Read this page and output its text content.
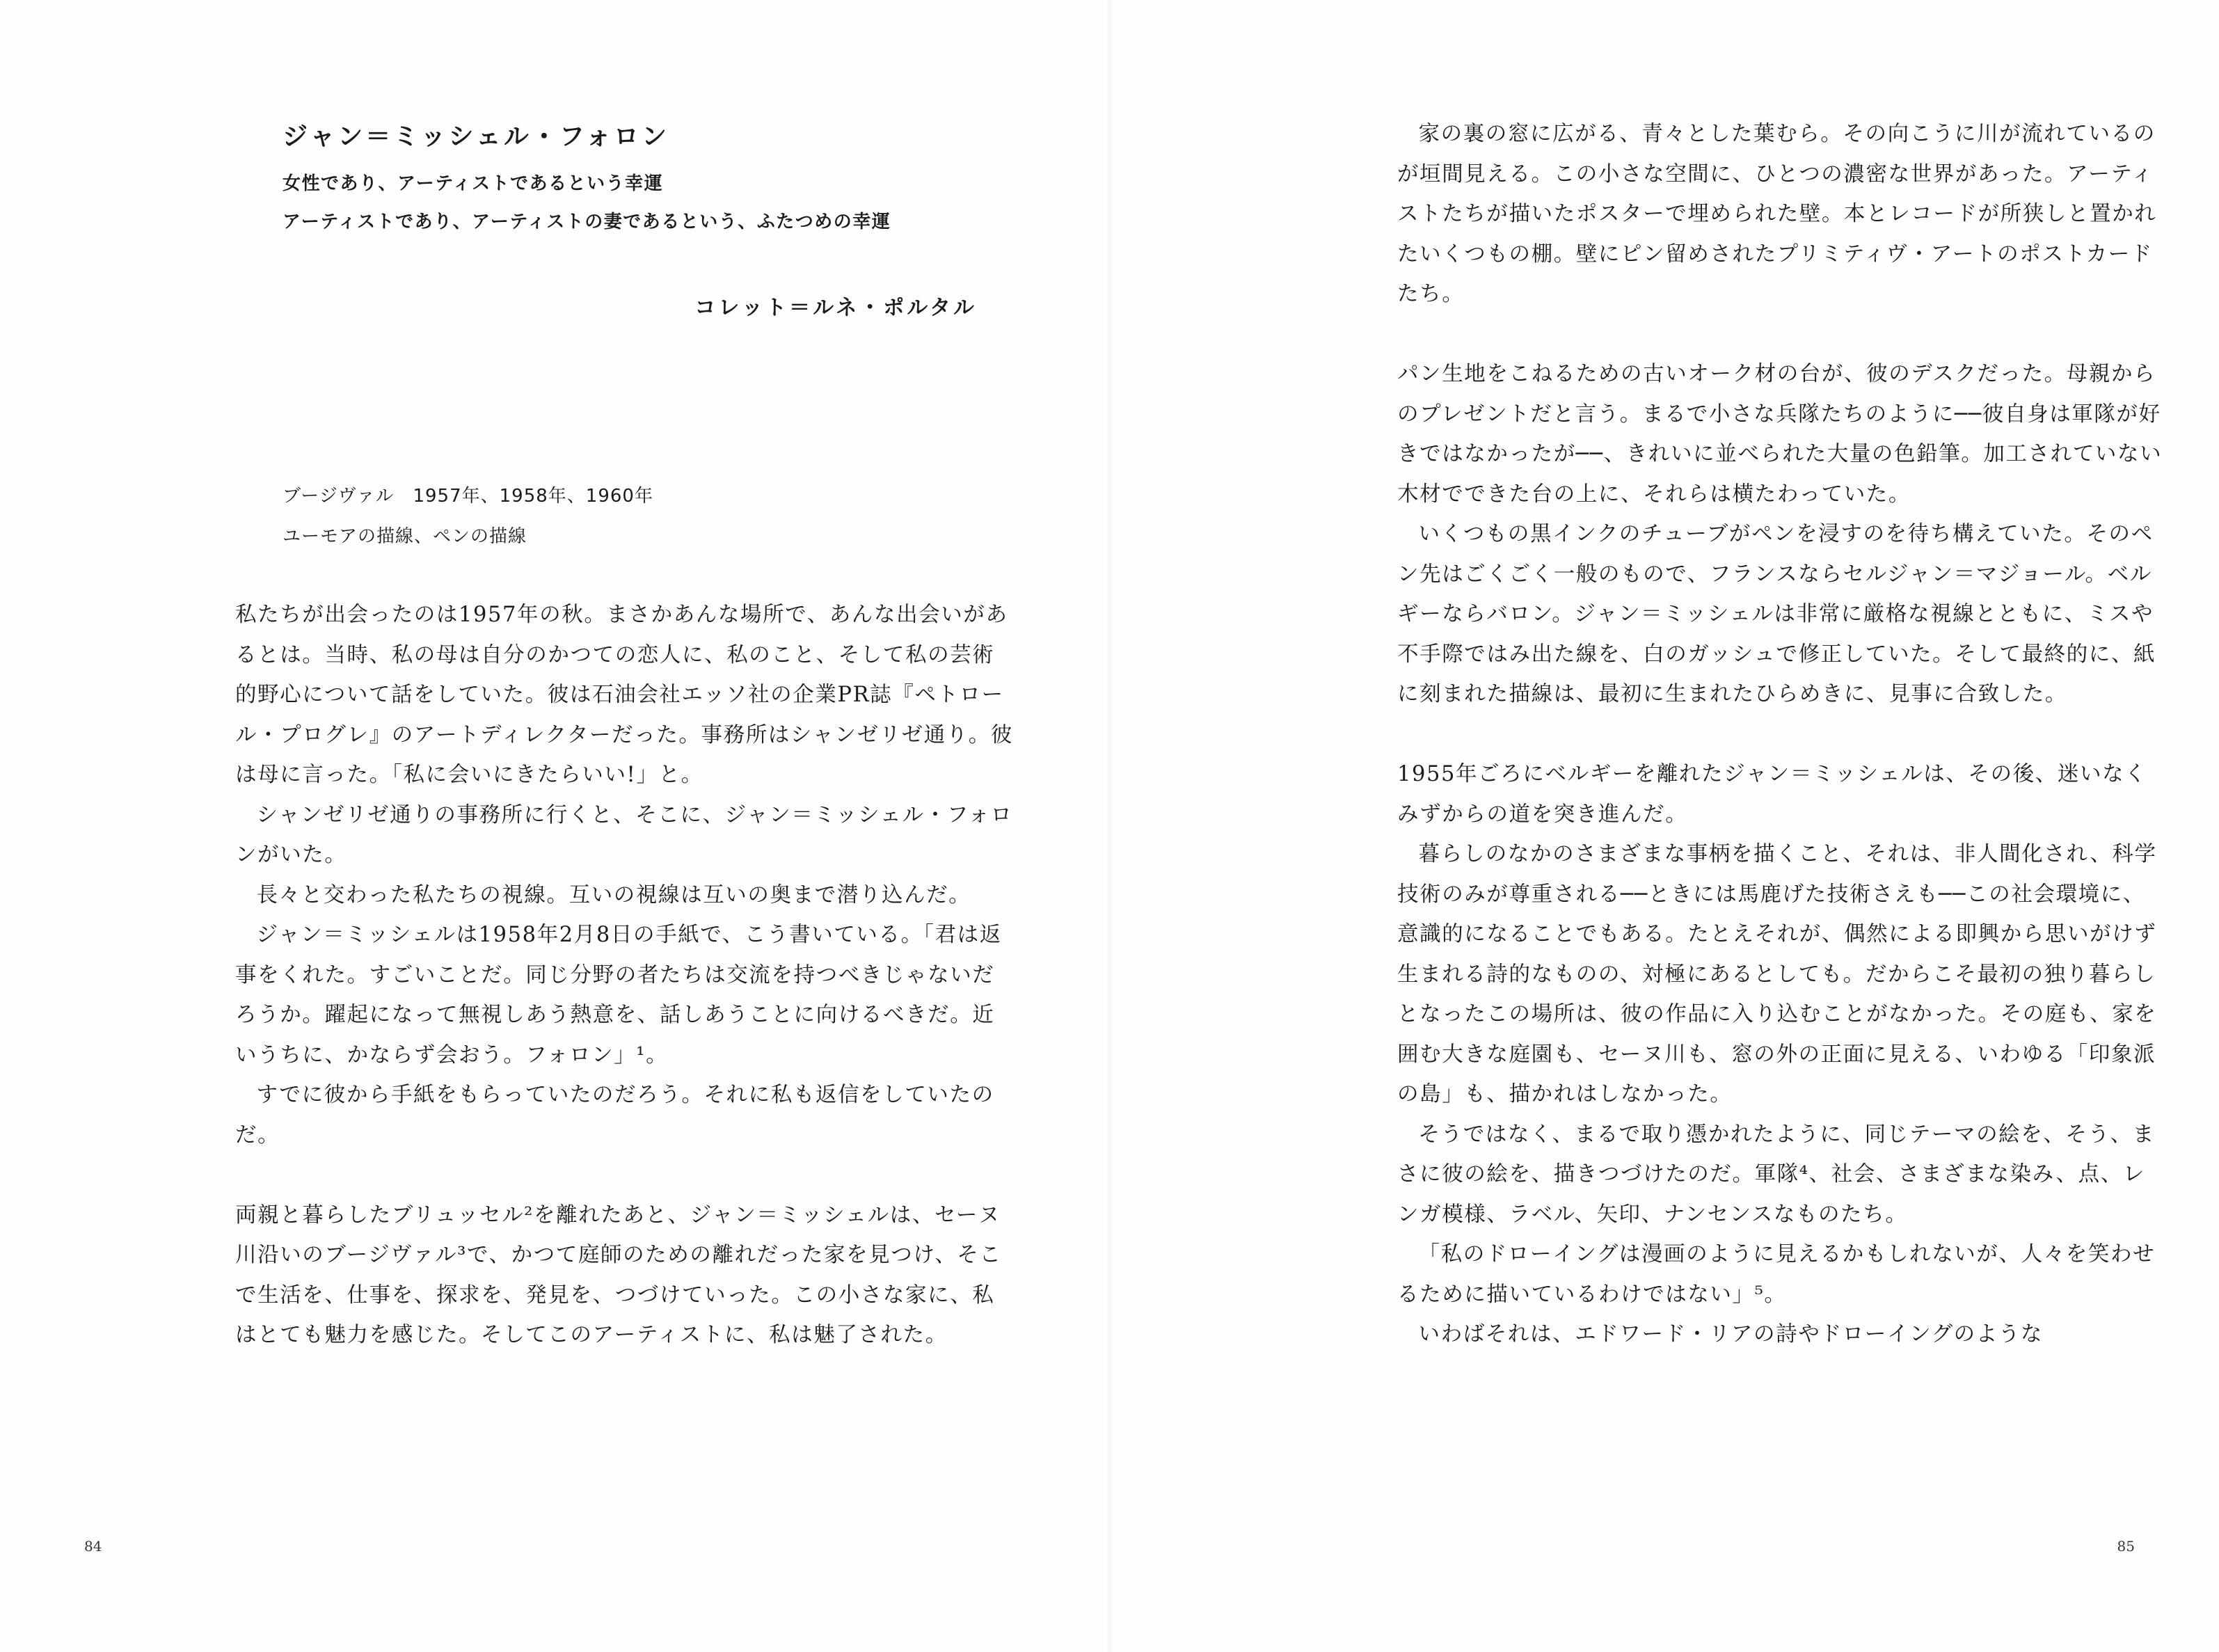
ジャン＝ミッシェル・フォロン
女性であり、アーティストであるという幸運
アーティストであり、アーティストの妻であるという、ふたつめの幸運
コレット＝ルネ・ポルタル
ブージヴァル　1957年、1958年、1960年
ユーモアの描線、ペンの描線

私たちが出会ったのは1957年の秋。まさかあんな場所で、あんな出会いがあるとは。当時、私の母は自分のかつての恋人に、私のこと、そして私の芸術的野心について話をしていた。彼は石油会社エッソ社の企業PR誌『ペトロール・プログレ』のアートディレクターだった。事務所はシャンゼリゼ通り。彼は母に言った。「私に会いにきたらいい!」と。

シャンゼリゼ通りの事務所に行くと、そこに、ジャン＝ミッシェル・フォロンがいた。

長々と交わった私たちの視線。互いの視線は互いの奥まで潜り込んだ。

ジャン＝ミッシェルは1958年2月8日の手紙で、こう書いている。「君は返事をくれた。すごいことだ。同じ分野の者たちは交流を持つべきじゃないだろうか。躍起になって無視しあう熱意を、話しあうことに向けるべきだ。近いうちに、かならず会おう。フォロン」¹。

すでに彼から手紙をもらっていたのだろう。それに私も返信をしていたのだ。

両親と暮らしたブリュッセル²を離れたあと、ジャン＝ミッシェルは、セーヌ川沿いのブージヴァル³で、かつて庭師のための離れだった家を見つけ、そこで生活を、仕事を、探求を、発見を、つづけていった。この小さな家に、私はとても魅力を感じた。そしてこのアーティストに、私は魅了された。

84

家の裏の窓に広がる、青々とした葉むら。その向こうに川が流れているのが垣間見える。この小さな空間に、ひとつの濃密な世界があった。アーティストたちが描いたポスターで埋められた壁。本とレコードが所狭しと置かれたいくつもの棚。壁にピン留めされたプリミティヴ・アートのポストカードたち。

パン生地をこねるための古いオーク材の台が、彼のデスクだった。母親からのプレゼントだと言う。まるで小さな兵隊たちのように──彼自身は軍隊が好きではなかったが──、きれいに並べられた大量の色鉛筆。加工されていない木材でできた台の上に、それらは横たわっていた。

いくつもの黒インクのチューブがペンを浸すのを待ち構えていた。そのペン先はごくごく一般のもので、フランスならセルジャン＝マジョール。ベルギーならバロン。ジャン＝ミッシェルは非常に厳格な視線とともに、ミスや不手際ではみ出た線を、白のガッシュで修正していた。そして最終的に、紙に刻まれた描線は、最初に生まれたひらめきに、見事に合致した。

1955年ごろにベルギーを離れたジャン＝ミッシェルは、その後、迷いなくみずからの道を突き進んだ。

暮らしのなかのさまざまな事柄を描くこと、それは、非人間化され、科学技術のみが尊重される──ときには馬鹿げた技術さえも──この社会環境に、意識的になることでもある。たとえそれが、偶然による即興から思いがけず生まれる詩的なものの、対極にあるとしても。だからこそ最初の独り暮らしとなったこの場所は、彼の作品に入り込むことがなかった。その庭も、家を囲む大きな庭園も、セーヌ川も、窓の外の正面に見える、いわゆる「印象派の島」も、描かれはしなかった。

そうではなく、まるで取り憑かれたように、同じテーマの絵を、そう、まさに彼の絵を、描きつづけたのだ。軍隊⁴、社会、さまざまな染み、点、レンガ模様、ラベル、矢印、ナンセンスなものたち。

「私のドローイングは漫画のように見えるかもしれないが、人々を笑わせるために描いているわけではない」⁵。

いわばそれは、エドワード・リアの詩やドローイングのような

85
